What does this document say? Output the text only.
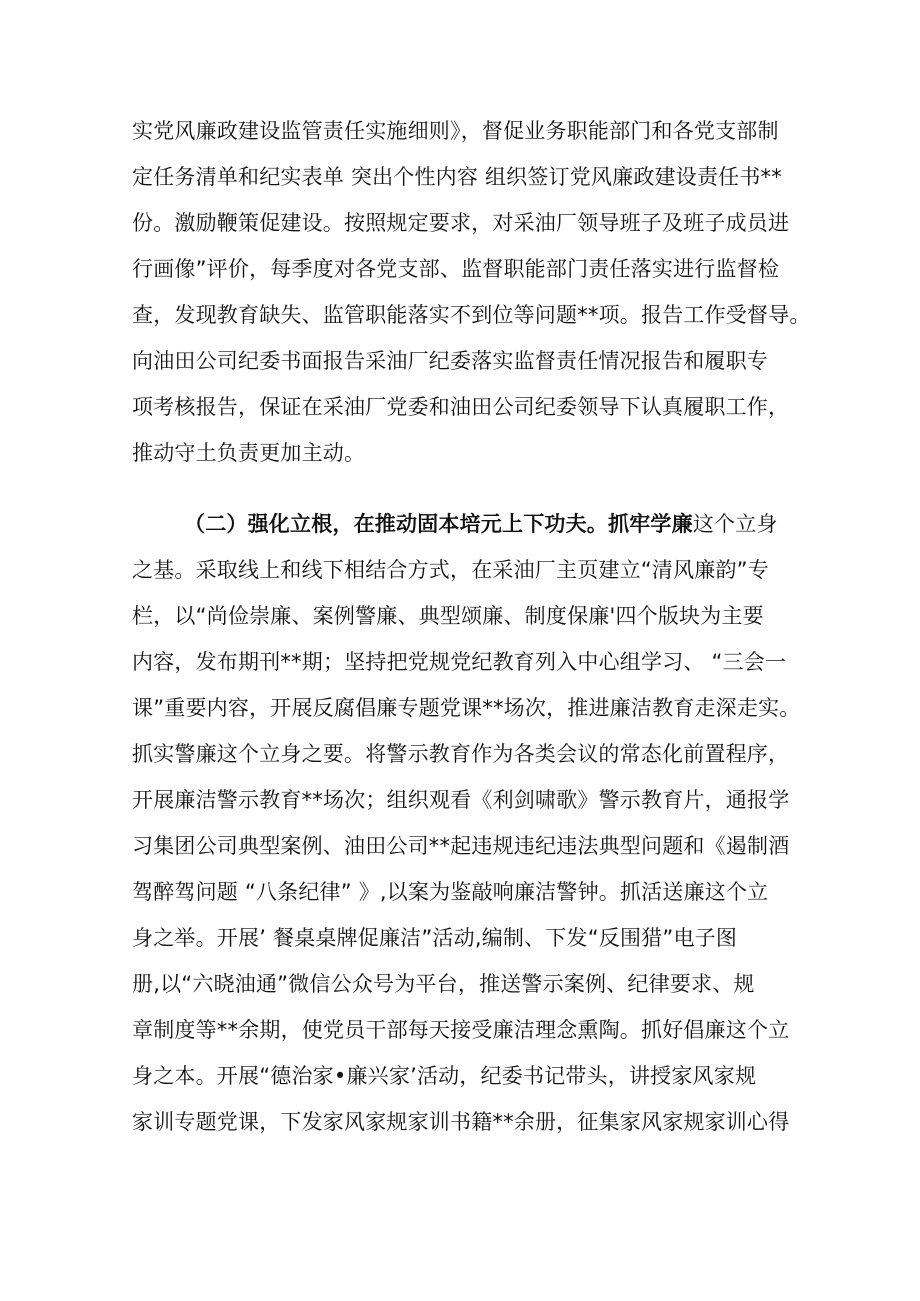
实党风廉政建设监管责任实施细则》，督促业务职能部门和各党支部制
定任务清单和纪实表单 突出个性内容 组织签订党风廉政建设责任书**
份。激励鞭策促建设。按照规定要求，对采油厂领导班子及班子成员进
行画像”评价，每季度对各党支部、监督职能部门责任落实进行监督检
查，发现教育缺失、监管职能落实不到位等问题**项。报告工作受督导。
向油田公司纪委书面报告采油厂纪委落实监督责任情况报告和履职专
项考核报告，保证在采油厂党委和油田公司纪委领导下认真履职工作，
推动守土负责更加主动。
（二）强化立根，在推动固本培元上下功夫。抓牢学廉这个立身
之基。采取线上和线下相结合方式，在采油厂主页建立“清风廉韵”专
栏，以“尚俭崇廉、案例警廉、典型颂廉、制度保廉'四个版块为主要
内容，发布期刊**期；坚持把党规党纪教育列入中心组学习、 “三会一
课”重要内容，开展反腐倡廉专题党课**场次，推进廉洁教育走深走实。
抓实警廉这个立身之要。将警示教育作为各类会议的常态化前置程序，
开展廉洁警示教育**场次；组织观看《利剑啸歌》警示教育片，通报学
习集团公司典型案例、油田公司**起违规违纪违法典型问题和《遏制酒
驾醉驾问题 “八条纪律” 》,以案为鉴敲响廉洁警钟。抓活送廉这个立
身之举。开展’ 餐桌桌牌促廉洁”活动,编制、下发“反围猎”电子图
册,以“六晓油通”微信公众号为平台，推送警示案例、纪律要求、规
章制度等**余期，使党员干部每天接受廉洁理念熏陶。抓好倡廉这个立
身之本。开展“德治家•廉兴家’活动，纪委书记带头，讲授家风家规
家训专题党课，下发家风家规家训书籍**余册，征集家风家规家训心得
